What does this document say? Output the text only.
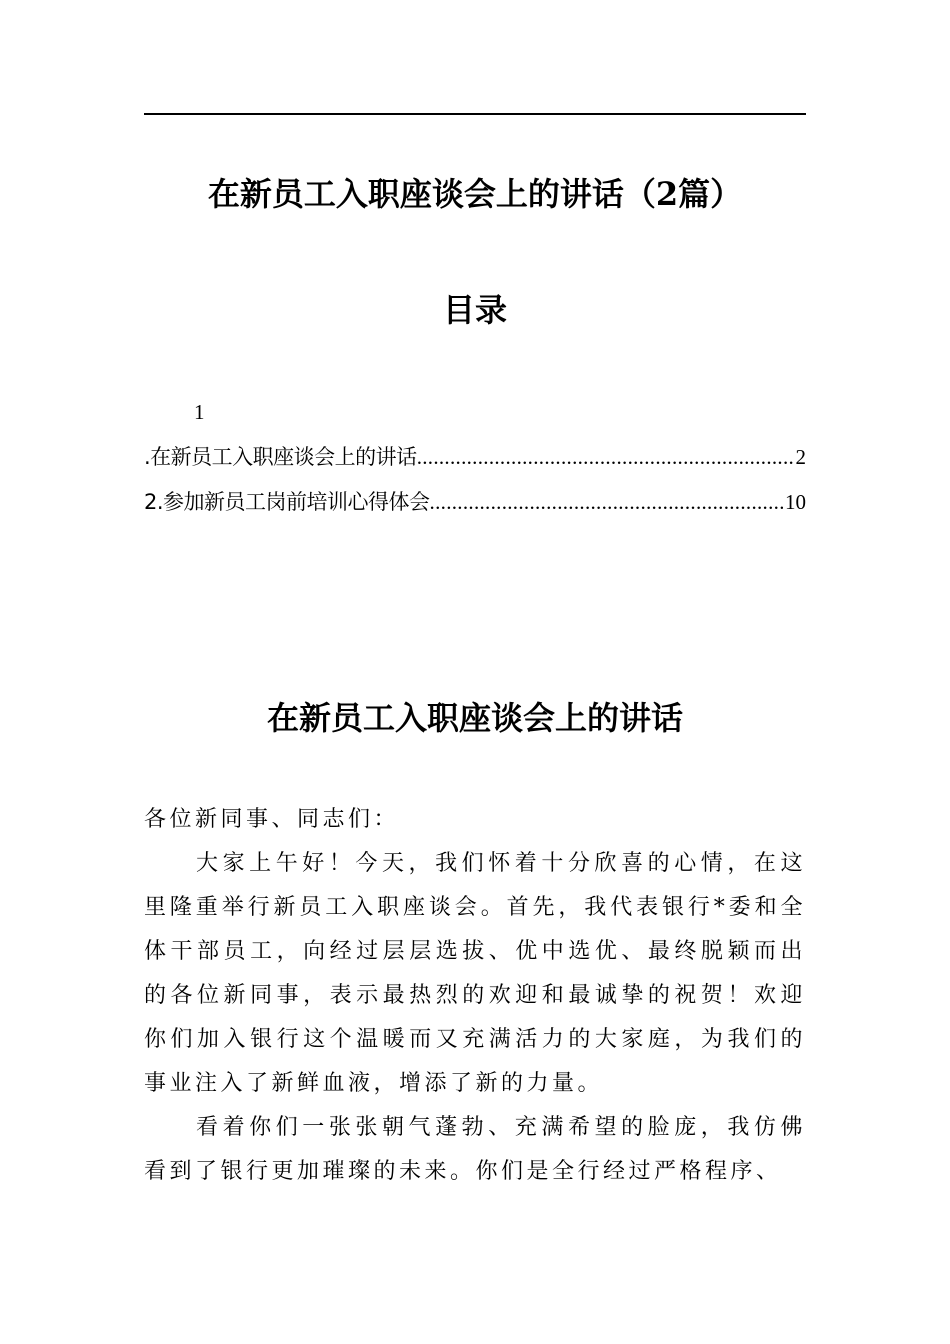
在新员工入职座谈会上的讲话（2篇）
目录
1
.在新员工入职座谈会上的讲话 .....	2
2.参加新员工岗前培训心得体会 .....	10
在新员工入职座谈会上的讲话

各位新同事、同志们：

大家上午好！今天，我们怀着十分欣喜的心情，在这里隆重举行新员工入职座谈会。首先，我代表银行*委和全体干部员工，向经过层层选拔、优中选优、最终脱颖而出的各位新同事，表示最热烈的欢迎和最诚挚的祝贺！欢迎你们加入银行这个温暖而又充满活力的大家庭，为我们的事业注入了新鲜血液，增添了新的力量。

看着你们一张张朝气蓬勃、充满希望的脸庞，我仿佛看到了银行更加璀璨的未来。你们是全行经过严格程序、
